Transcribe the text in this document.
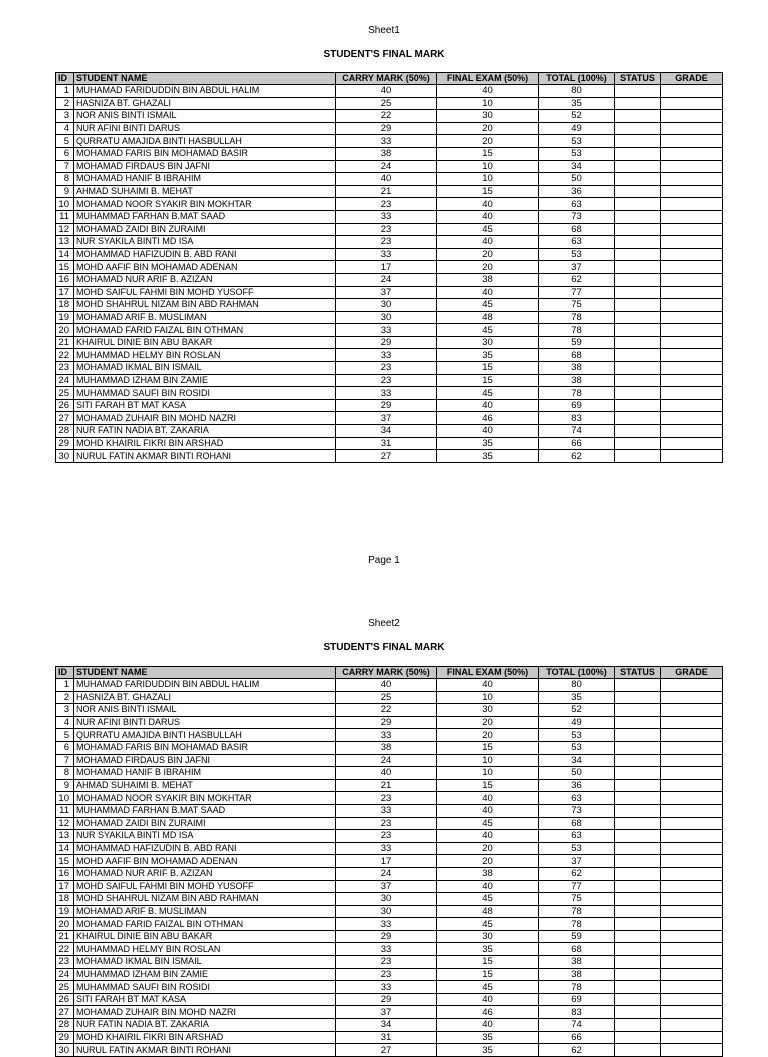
Sheet1
STUDENT'S FINAL MARK
ID	STUDENT NAME	CARRY MARK (50%)	FINAL EXAM (50%)	TOTAL (100%)	STATUS	GRADE
1	MUHAMAD FARIDUDDIN BIN ABDUL HALIM	40	40	80		
2	HASNIZA BT. GHAZALI	25	10	35		
3	NOR ANIS BINTI ISMAIL	22	30	52		
4	NUR AFINI BINTI DARUS	29	20	49		
5	QURRATU AMAJIDA BINTI HASBULLAH	33	20	53		
6	MOHAMAD FARIS BIN MOHAMAD BASIR	38	15	53		
7	MOHAMAD FIRDAUS BIN JAFNI	24	10	34		
8	MOHAMAD HANIF B IBRAHIM	40	10	50		
9	AHMAD SUHAIMI B. MEHAT	21	15	36		
10	MOHAMAD NOOR SYAKIR BIN MOKHTAR	23	40	63		
11	MUHAMMAD FARHAN B.MAT SAAD	33	40	73		
12	MOHAMAD ZAIDI BIN ZURAIMI	23	45	68		
13	NUR SYAKILA BINTI MD ISA	23	40	63		
14	MOHAMMAD HAFIZUDIN B. ABD RANI	33	20	53		
15	MOHD AAFIF BIN MOHAMAD ADENAN	17	20	37		
16	MOHAMAD NUR ARIF B. AZIZAN	24	38	62		
17	MOHD SAIFUL FAHMI BIN MOHD YUSOFF	37	40	77		
18	MOHD SHAHRUL NIZAM BIN ABD RAHMAN	30	45	75		
19	MOHAMAD ARIF B. MUSLIMAN	30	48	78		
20	MOHAMAD FARID FAIZAL BIN OTHMAN	33	45	78		
21	KHAIRUL DINIE BIN ABU BAKAR	29	30	59		
22	MUHAMMAD HELMY BIN ROSLAN	33	35	68		
23	MOHAMAD IKMAL BIN ISMAIL	23	15	38		
24	MUHAMMAD IZHAM BIN ZAMIE	23	15	38		
25	MUHAMMAD SAUFI BIN ROSIDI	33	45	78		
26	SITI FARAH BT MAT KASA	29	40	69		
27	MOHAMAD ZUHAIR BIN MOHD NAZRI	37	46	83		
28	NUR FATIN NADIA BT. ZAKARIA	34	40	74		
29	MOHD KHAIRIL FIKRI BIN ARSHAD	31	35	66		
30	NURUL FATIN AKMAR BINTI ROHANI	27	35	62		
Page 1
Sheet2
STUDENT'S FINAL MARK
ID	STUDENT NAME	CARRY MARK (50%)	FINAL EXAM (50%)	TOTAL (100%)	STATUS	GRADE
1	MUHAMAD FARIDUDDIN BIN ABDUL HALIM	40	40	80		
2	HASNIZA BT. GHAZALI	25	10	35		
3	NOR ANIS BINTI ISMAIL	22	30	52		
4	NUR AFINI BINTI DARUS	29	20	49		
5	QURRATU AMAJIDA BINTI HASBULLAH	33	20	53		
6	MOHAMAD FARIS BIN MOHAMAD BASIR	38	15	53		
7	MOHAMAD FIRDAUS BIN JAFNI	24	10	34		
8	MOHAMAD HANIF B IBRAHIM	40	10	50		
9	AHMAD SUHAIMI B. MEHAT	21	15	36		
10	MOHAMAD NOOR SYAKIR BIN MOKHTAR	23	40	63		
11	MUHAMMAD FARHAN B.MAT SAAD	33	40	73		
12	MOHAMAD ZAIDI BIN ZURAIMI	23	45	68		
13	NUR SYAKILA BINTI MD ISA	23	40	63		
14	MOHAMMAD HAFIZUDIN B. ABD RANI	33	20	53		
15	MOHD AAFIF BIN MOHAMAD ADENAN	17	20	37		
16	MOHAMAD NUR ARIF B. AZIZAN	24	38	62		
17	MOHD SAIFUL FAHMI BIN MOHD YUSOFF	37	40	77		
18	MOHD SHAHRUL NIZAM BIN ABD RAHMAN	30	45	75		
19	MOHAMAD ARIF B. MUSLIMAN	30	48	78		
20	MOHAMAD FARID FAIZAL BIN OTHMAN	33	45	78		
21	KHAIRUL DINIE BIN ABU BAKAR	29	30	59		
22	MUHAMMAD HELMY BIN ROSLAN	33	35	68		
23	MOHAMAD IKMAL BIN ISMAIL	23	15	38		
24	MUHAMMAD IZHAM BIN ZAMIE	23	15	38		
25	MUHAMMAD SAUFI BIN ROSIDI	33	45	78		
26	SITI FARAH BT MAT KASA	29	40	69		
27	MOHAMAD ZUHAIR BIN MOHD NAZRI	37	46	83		
28	NUR FATIN NADIA BT. ZAKARIA	34	40	74		
29	MOHD KHAIRIL FIKRI BIN ARSHAD	31	35	66		
30	NURUL FATIN AKMAR BINTI ROHANI	27	35	62		
